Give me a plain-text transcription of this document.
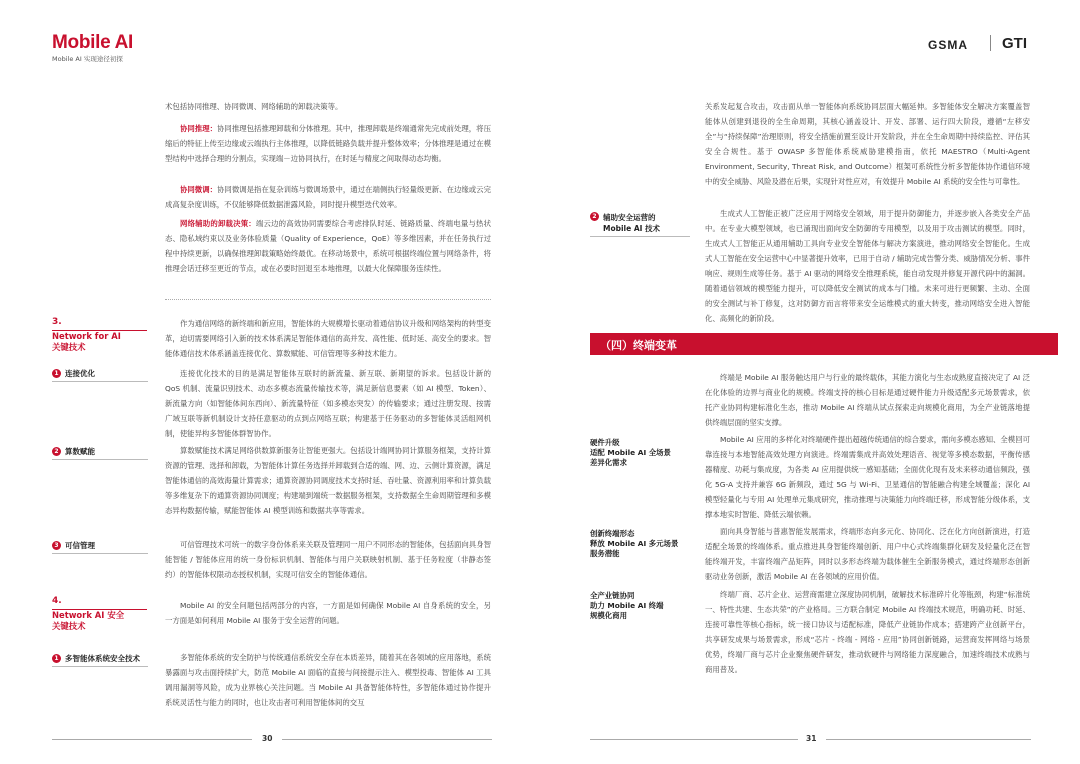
Mobile AI
Mobile AI 实现途径初探
GSMA GTI

术包括协同推理、协同微调、网络辅助的卸载决策等。

协同推理：协同推理包括推理卸载和分体推理。其中，推理卸载是终端通常先完成前处理，将压缩后的特征上传至边缘或云端执行主体推理，以降低链路负载并提升整体效率；分体推理是通过在模型结构中选择合理的分割点，实现端－边协同执行，在时延与精度之间取得动态均衡。

协同微调：协同微调是指在复杂训练与微调场景中，通过在端侧执行轻量级更新、在边缘或云完成高复杂度训练，不仅能够降低数据泄露风险，同时提升模型迭代效率。

网络辅助的卸载决策：端云边的高效协同需要综合考虑排队时延、链路质量、终端电量与热状态、隐私域约束以及业务体验质量（Quality of Experience，QoE）等多维因素，并在任务执行过程中持续更新，以确保推理卸载策略始终最优。在移动场景中，系统可根据终端位置与网络条件，将推理会话迁移至更近的节点，或在必要时回退至本地推理，以最大化保障服务连续性。

3.

Network for AI

关键技术

作为通信网络的新终端和新应用，智能体的大规模增长驱动着通信协议升级和网络架构的转型变革，迫切需要网络引入新的技术体系满足智能体通信的高并发、高性能、低时延、高安全的要求。智能体通信技术体系涵盖连接优化、算数赋能、可信管理等多种技术能力。

1 连接优化	连接优化技术的目的是满足智能体互联时的新流量、新互联、新期望的诉求。包括设计新的 QoS 机制、流量识别技术、动态多模态流量传输技术等，满足新信息要素（如 AI 模型、Token）、新流量方向（如智能体间东西向）、新流量特征（如多模态突发）的传输要求；通过注册发现、按需广域互联等新机制设计支持任意驱动的点到点网络互联；构建基于任务驱动的多智能体灵活组网机制，使能异构多智能体群智协作。

2 算数赋能	算数赋能技术满足网络供数算新服务让智能更强大。包括设计端网协同计算服务框架，支持计算资源的管理、选择和卸载，为智能体计算任务选择并卸载到合适的端、网、边、云侧计算资源，满足智能体通信的高效海量计算需求；通算资源协同调度技术支持时延、吞吐量、资源利用率和计算负载等多维复杂下的通算资源协同调度；构建端到端统一数据服务框架，支持数据全生命周期管理和多模态异构数据传输，赋能智能体 AI 模型训练和数据共享等需求。

3 可信管理	可信管理技术可统一的数字身份体系来关联及管理同一用户不同形态的智能体，包括面向具身智能智能 / 智能体应用的统一身份标识机制、智能体与用户关联映射机制、基于任务粒度（非静态签约）的智能体权限动态授权机制，实现可信安全的智能体通信。

4.

Network AI 安全

关键技术

Mobile AI 的安全问题包括两部分的内容，一方面是如何确保 Mobile AI 自身系统的安全，另一方面是如何利用 Mobile AI 服务于安全运营的问题。

1 多智能体系统安全技术	多智能体系统的安全防护与传统通信系统安全存在本质差异，随着其在各领域的应用落地，系统暴露面与攻击面持续扩大，防范 Mobile AI 面临的直接与间接提示注入、模型投毒、智能体 AI 工具调用漏洞等风险，成为业界核心关注问题。当 Mobile AI 具备智能体特性，多智能体通过协作提升系统灵活性与能力的同时，也让攻击者可利用智能体间的交互

30

关系发起复合攻击，攻击面从单一智能体向系统协同层面大幅延伸。多智能体安全解决方案覆盖智能体从创建到退役的全生命周期，其核心涵盖设计、开发、部署、运行四大阶段，遵循“左移安全”与“持续保障”治理原则，将安全措施前置至设计开发阶段，并在全生命周期中持续监控、评估其安全合规性。基于 OWASP 多智能体系统威胁建模指南，依托 MAESTRO（Multi-Agent Environment, Security, Threat Risk, and Outcome）框架可系统性分析多智能体协作通信环境中的安全威胁、风险及潜在后果，实现针对性应对，有效提升 Mobile AI 系统的安全性与可靠性。

2 辅助安全运营的
Mobile AI 技术

生成式人工智能正被广泛应用于网络安全领域，用于提升防御能力，并逐步嵌入各类安全产品中。在专业大模型领域，也已涌现出面向安全防御的专用模型，以及用于攻击测试的模型。同时，生成式人工智能正从通用辅助工具向专业安全智能体与解决方案演进，推动网络安全智能化。生成式人工智能在安全运营中心中显著提升效率，已用于自动 / 辅助完成告警分类、威胁情况分析、事件响应、规则生成等任务。基于 AI 驱动的网络安全推理系统，能自动发现并修复开源代码中的漏洞。随着通信领域的模型能力提升，可以降低安全测试的成本与门槛。未来可进行更频繁、主动、全面的安全测试与补丁修复，这对防御方而言将带来安全运维模式的重大转变，推动网络安全进入智能化、高频化的新阶段。

（四）终端变革

终端是 Mobile AI 服务触达用户与行业的最终载体，其能力演化与生态成熟度直接决定了 AI 泛在化体验的边界与商业化的规模。终端支持的核心目标是通过硬件能力升级适配多元场景需求，依托产业协同构建标准化生态，推动 Mobile AI 终端从试点探索走向规模化商用，为全产业链落地提供终端层面的坚实支撑。

硬件升级
适配 Mobile AI 全场景
差异化需求

Mobile AI 应用的多样化对终端硬件提出超越传统通信的综合要求，需向多模态感知、全模回可靠连接与本地智能高效处理方向演进。终端需集成并高效处理语音、视觉等多模态数据，平衡传感器精度、功耗与集成度，为各类 AI 应用提供统一感知基础；全面优化现有及未来移动通信频段，强化 5G-A 支持并兼容 6G 新频段，通过 5G 与 Wi-Fi、卫星通信的智能融合构建全域覆盖；深化 AI 模型轻量化与专用 AI 处理单元集成研究，推动推理与决策能力向终端迁移，形成智能分级体系，支撑本地实时智能、降低云端依赖。

创新终端形态
释放 Mobile AI 多元场景
服务潜能

面向具身智能与普惠智能发展需求，终端形态向多元化、协同化、泛在化方向创新演进，打造适配全场景的终端体系。重点推进具身智能终端创新、用户中心式终端集群化研发及轻量化泛在智能终端开发，丰富终端产品矩阵，同时以多形态终端为载体催生全新服务模式，通过终端形态创新驱动业务创新，激活 Mobile AI 在各领域的应用价值。

全产业链协同
助力 Mobile AI 终端
规模化商用

终端厂商、芯片企业、运营商需建立深度协同机制，破解技术标准碎片化等瓶颈，构建“标准统一、特性共建、生态共荣”的产业格局。三方联合制定 Mobile AI 终端技术规范，明确功耗、时延、连接可靠性等核心指标，统一接口协议与适配标准，降低产业链协作成本；搭建跨产业创新平台，共享研发成果与场景需求，形成“芯片 - 终端 - 网络 - 应用”协同创新链路，运营商发挥网络与场景优势，终端厂商与芯片企业聚焦硬件研发，推动软硬件与网络能力深度融合，加速终端技术成熟与商用普及。

31
